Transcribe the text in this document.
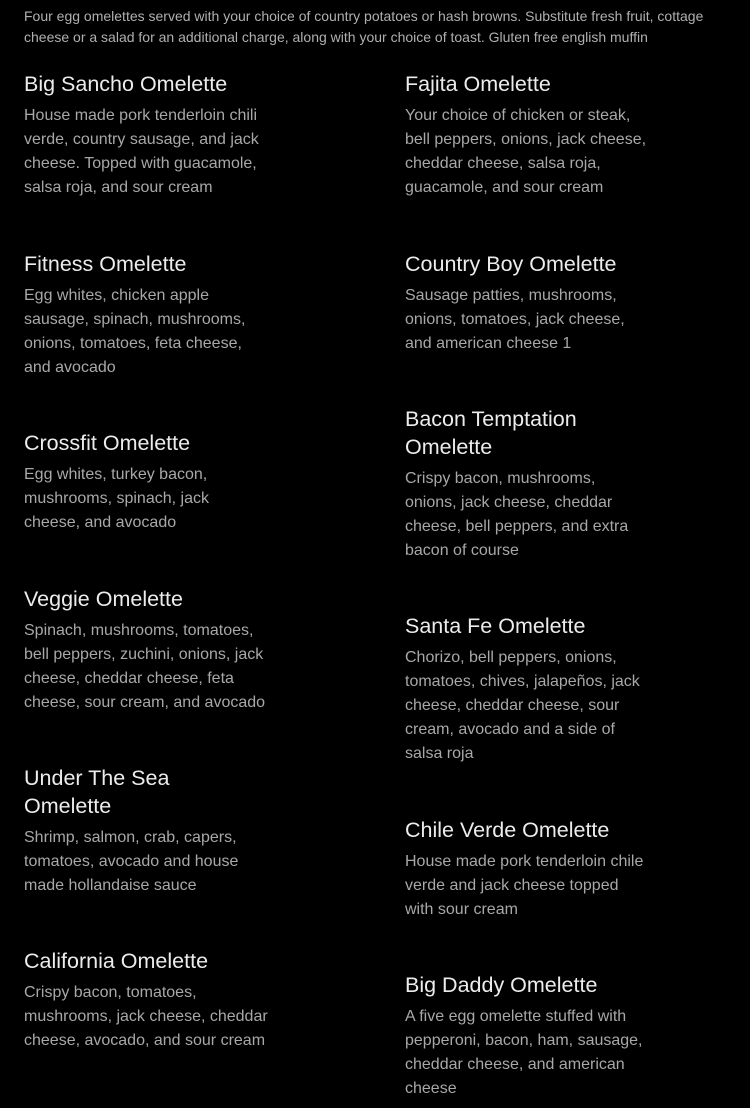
Four egg omelettes served with your choice of country potatoes or hash browns. Substitute fresh fruit, cottage cheese or a salad for an additional charge, along with your choice of toast. Gluten free english muffin

Big Sancho Omelette

House made pork tenderloin chili verde, country sausage, and jack cheese. Topped with guacamole, salsa roja, and sour cream

Fitness Omelette

Egg whites, chicken apple sausage, spinach, mushrooms, onions, tomatoes, feta cheese, and avocado

Crossfit Omelette

Egg whites, turkey bacon, mushrooms, spinach, jack cheese, and avocado

Veggie Omelette

Spinach, mushrooms, tomatoes, bell peppers, zuchini, onions, jack cheese, cheddar cheese, feta cheese, sour cream, and avocado

Under The Sea Omelette

Shrimp, salmon, crab, capers, tomatoes, avocado and house made hollandaise sauce

California Omelette

Crispy bacon, tomatoes, mushrooms, jack cheese, cheddar cheese, avocado, and sour cream

Fajita Omelette

Your choice of chicken or steak, bell peppers, onions, jack cheese, cheddar cheese, salsa roja, guacamole, and sour cream

Country Boy Omelette

Sausage patties, mushrooms, onions, tomatoes, jack cheese, and american cheese 1

Bacon Temptation Omelette

Crispy bacon, mushrooms, onions, jack cheese, cheddar cheese, bell peppers, and extra bacon of course

Santa Fe Omelette

Chorizo, bell peppers, onions, tomatoes, chives, jalapeños, jack cheese, cheddar cheese, sour cream, avocado and a side of salsa roja

Chile Verde Omelette

House made pork tenderloin chile verde and jack cheese topped with sour cream

Big Daddy Omelette

A five egg omelette stuffed with pepperoni, bacon, ham, sausage, cheddar cheese, and american cheese
